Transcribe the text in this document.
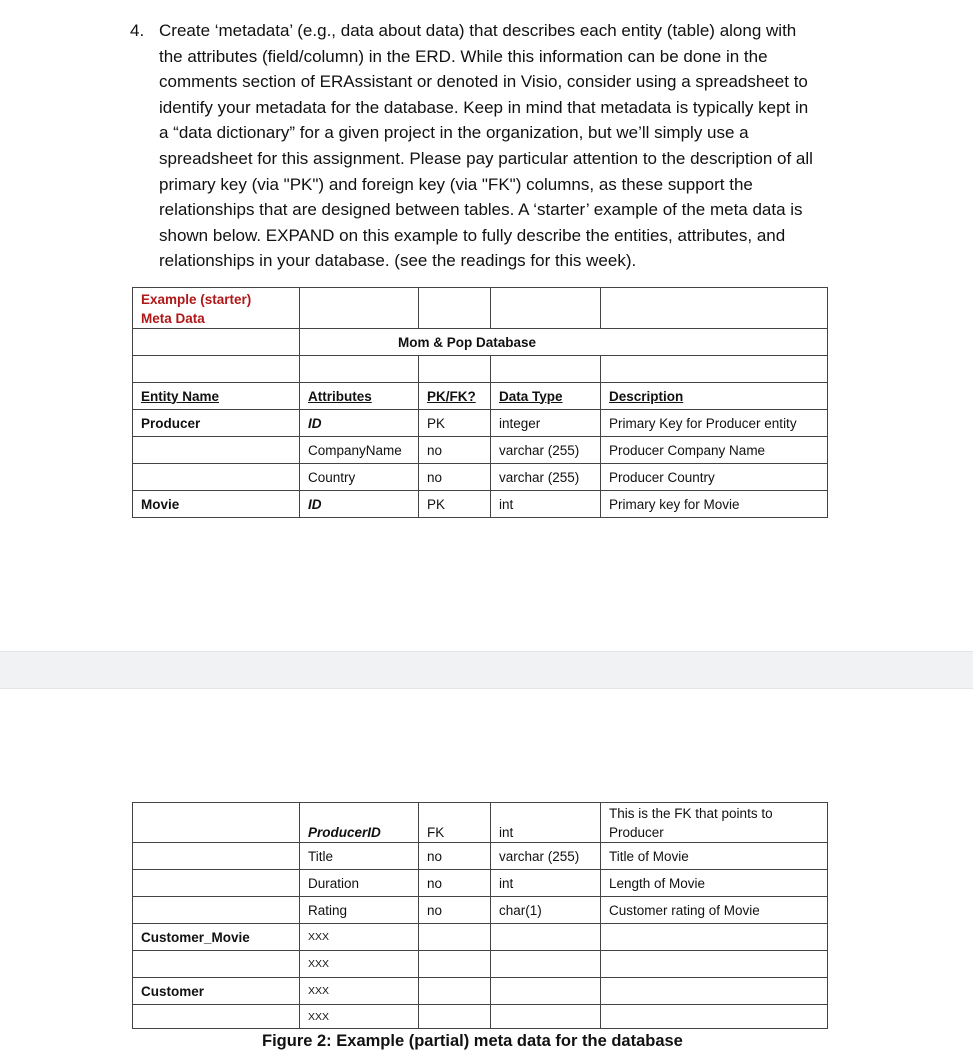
4. Create ‘metadata’ (e.g., data about data) that describes each entity (table) along with
the attributes (field/column) in the ERD. While this information can be done in the
comments section of ERAssistant or denoted in Visio, consider using a spreadsheet to
identify your metadata for the database. Keep in mind that metadata is typically kept in
a “data dictionary” for a given project in the organization, but we’ll simply use a
spreadsheet for this assignment. Please pay particular attention to the description of all
primary key (via "PK") and foreign key (via "FK") columns, as these support the
relationships that are designed between tables. A ‘starter’ example of the meta data is
shown below. EXPAND on this example to fully describe the entities, attributes, and
relationships in your database. (see the readings for this week).
Example (starter)
Meta Data				
	Mom & Pop Database			

Entity Name	Attributes	PK/FK?	Data Type	Description
Producer	ID	PK	integer	Primary Key for Producer entity
	CompanyName	no	varchar (255)	Producer Company Name
	Country	no	varchar (255)	Producer Country
Movie	ID	PK	int	Primary key for Movie
	ProducerID	FK	int	This is the FK that points to Producer
	Title	no	varchar (255)	Title of Movie
	Duration	no	int	Length of Movie
	Rating	no	char(1)	Customer rating of Movie
Customer_Movie	XXX			
	XXX			
Customer	XXX			
	XXX			
Figure 2: Example (partial) meta data for the database
